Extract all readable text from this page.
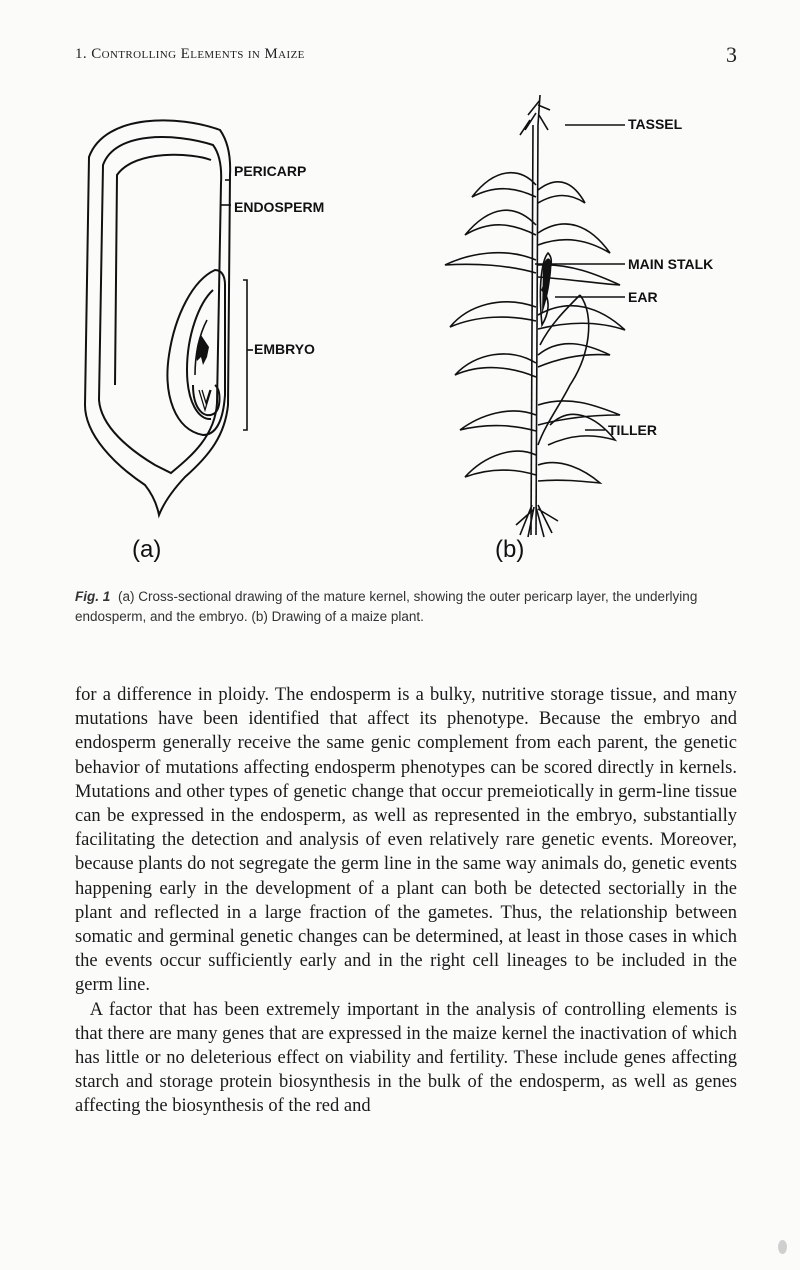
1. Controlling Elements in Maize	3
PERICARP
ENDOSPERM
EMBRYO
TASSEL
MAIN STALK
EAR
TILLER
(a)	(b)
Fig. 1 (a) Cross-sectional drawing of the mature kernel, showing the outer pericarp layer, the underlying endosperm, and the embryo. (b) Drawing of a maize plant.

for a difference in ploidy. The endosperm is a bulky, nutritive storage tissue, and many mutations have been identified that affect its phenotype. Because the embryo and endosperm generally receive the same genic complement from each parent, the genetic behavior of mutations affecting endosperm phenotypes can be scored directly in kernels. Mutations and other types of genetic change that occur premeiotically in germ-line tissue can be expressed in the endosperm, as well as represented in the embryo, substantially facilitating the detection and analysis of even relatively rare genetic events. Moreover, because plants do not segregate the germ line in the same way animals do, genetic events happening early in the development of a plant can both be detected sectorially in the plant and reflected in a large fraction of the gametes. Thus, the relationship between somatic and germinal genetic changes can be determined, at least in those cases in which the events occur sufficiently early and in the right cell lineages to be included in the germ line.

A factor that has been extremely important in the analysis of controlling elements is that there are many genes that are expressed in the maize kernel the inactivation of which has little or no deleterious effect on viability and fertility. These include genes affecting starch and storage protein biosynthesis in the bulk of the endosperm, as well as genes affecting the biosynthesis of the red and
